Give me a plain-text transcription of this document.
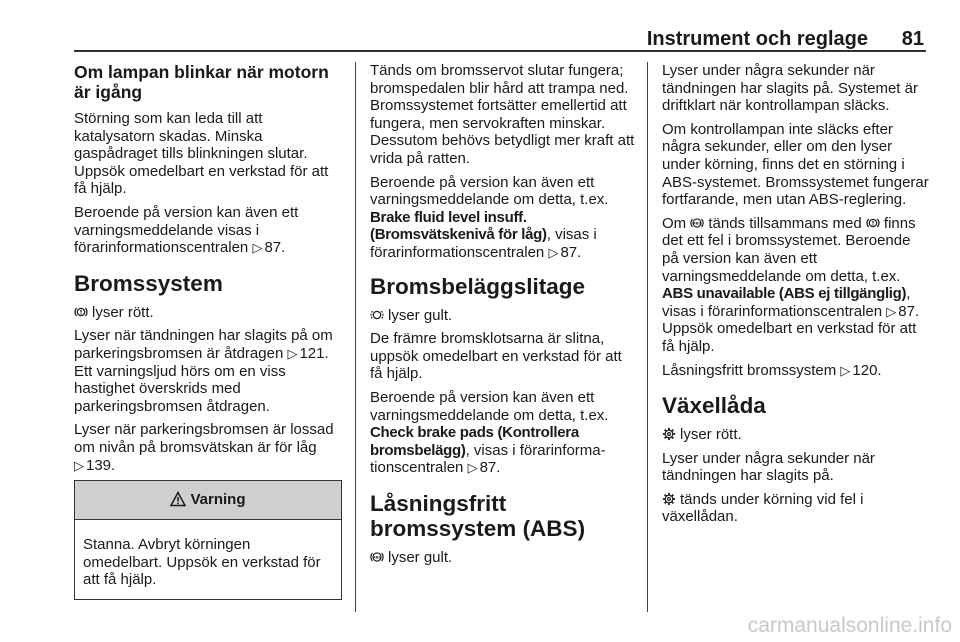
Instrument och reglage 81
Om lampan blinkar när motorn är igång

Störning som kan leda till att katalysatorn skadas. Minska gaspådraget tills blinkningen slutar. Uppsök omedelbart en verkstad för att få hjälp.

Beroende på version kan även ett varningsmeddelande visas i förarinformationscentralen ▷ 87.

Bromssystem

lyser rött.

Lyser när tändningen har slagits på om parkeringsbromsen är åtdragen ▷ 121. Ett varningsljud hörs om en viss hastighet överskrids med parkeringsbromsen åtdragen.

Lyser när parkeringsbromsen är lossad om nivån på bromsvätskan är för låg ▷ 139.

Varning
Stanna. Avbryt körningen omedelbart. Uppsök en verkstad för att få hjälp.

Tänds om bromsservot slutar fungera; bromspedalen blir hård att trampa ned. Bromssystemet fortsätter emellertid att fungera, men servokraften minskar. Dessutom behövs betydligt mer kraft att vrida på ratten.

Beroende på version kan även ett varningsmeddelande om detta, t.ex. Brake fluid level insuff. (Bromsvätskenivå för låg), visas i förarinformationscentralen ▷ 87.

Bromsbeläggslitage

lyser gult.

De främre bromsklotsarna är slitna, uppsök omedelbart en verkstad för att få hjälp.

Beroende på version kan även ett varningsmeddelande om detta, t.ex. Check brake pads (Kontrollera bromsbelägg), visas i förarinformationscentralen ▷ 87.

Låsningsfritt bromssystem (ABS)

ABS lyser gult.

Lyser under några sekunder när tändningen har slagits på. Systemet är driftklart när kontrollampan släcks.

Om kontrollampan inte släcks efter några sekunder, eller om den lyser under körning, finns det en störning i ABS-systemet. Bromssystemet fungerar fortfarande, men utan ABS-reglering.

Om ABS tänds tillsammans med finns det ett fel i bromssystemet. Beroende på version kan även ett varningsmeddelande om detta, t.ex. ABS unavailable (ABS ej tillgänglig), visas i förarinformationscentralen ▷ 87. Uppsök omedelbart en verkstad för att få hjälp.

Låsningsfritt bromssystem ▷ 120.

Växellåda

lyser rött.

Lyser under några sekunder när tändningen har slagits på.

tänds under körning vid fel i växellådan.

carmanualsonline.info
